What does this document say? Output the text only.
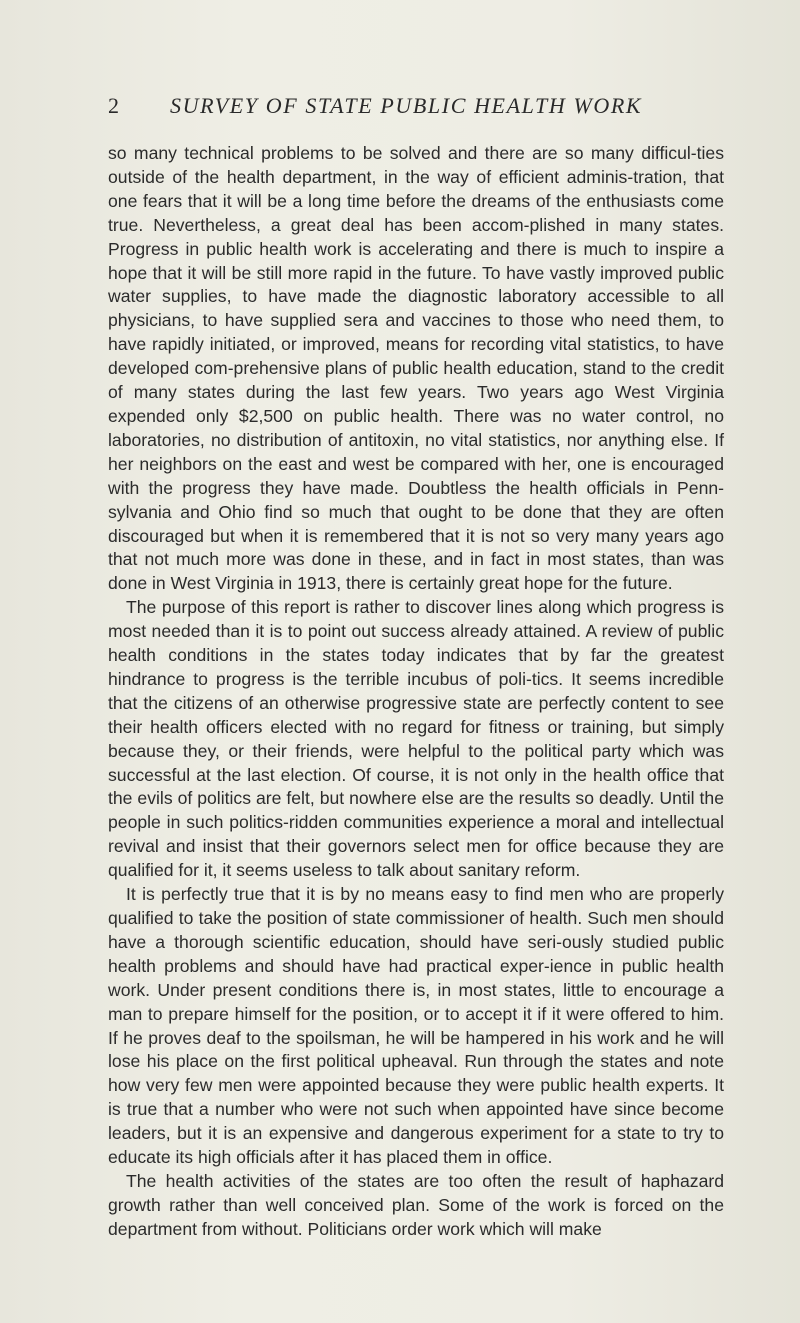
2 SURVEY OF STATE PUBLIC HEALTH WORK

so many technical problems to be solved and there are so many difficul-ties outside of the health department, in the way of efficient adminis-tration, that one fears that it will be a long time before the dreams of the enthusiasts come true. Nevertheless, a great deal has been accom-plished in many states. Progress in public health work is accelerating and there is much to inspire a hope that it will be still more rapid in the future. To have vastly improved public water supplies, to have made the diagnostic laboratory accessible to all physicians, to have supplied sera and vaccines to those who need them, to have rapidly initiated, or improved, means for recording vital statistics, to have developed com-prehensive plans of public health education, stand to the credit of many states during the last few years. Two years ago West Virginia expended only $2,500 on public health. There was no water control, no laboratories, no distribution of antitoxin, no vital statistics, nor anything else. If her neighbors on the east and west be compared with her, one is encouraged with the progress they have made. Doubtless the health officials in Penn-sylvania and Ohio find so much that ought to be done that they are often discouraged but when it is remembered that it is not so very many years ago that not much more was done in these, and in fact in most states, than was done in West Virginia in 1913, there is certainly great hope for the future.

The purpose of this report is rather to discover lines along which progress is most needed than it is to point out success already attained. A review of public health conditions in the states today indicates that by far the greatest hindrance to progress is the terrible incubus of poli-tics. It seems incredible that the citizens of an otherwise progressive state are perfectly content to see their health officers elected with no regard for fitness or training, but simply because they, or their friends, were helpful to the political party which was successful at the last election. Of course, it is not only in the health office that the evils of politics are felt, but nowhere else are the results so deadly. Until the people in such politics-ridden communities experience a moral and intellectual revival and insist that their governors select men for office because they are qualified for it, it seems useless to talk about sanitary reform.

It is perfectly true that it is by no means easy to find men who are properly qualified to take the position of state commissioner of health. Such men should have a thorough scientific education, should have seri-ously studied public health problems and should have had practical exper-ience in public health work. Under present conditions there is, in most states, little to encourage a man to prepare himself for the position, or to accept it if it were offered to him. If he proves deaf to the spoilsman, he will be hampered in his work and he will lose his place on the first political upheaval. Run through the states and note how very few men were appointed because they were public health experts. It is true that a number who were not such when appointed have since become leaders, but it is an expensive and dangerous experiment for a state to try to educate its high officials after it has placed them in office.

The health activities of the states are too often the result of haphazard growth rather than well conceived plan. Some of the work is forced on the department from without. Politicians order work which will make
